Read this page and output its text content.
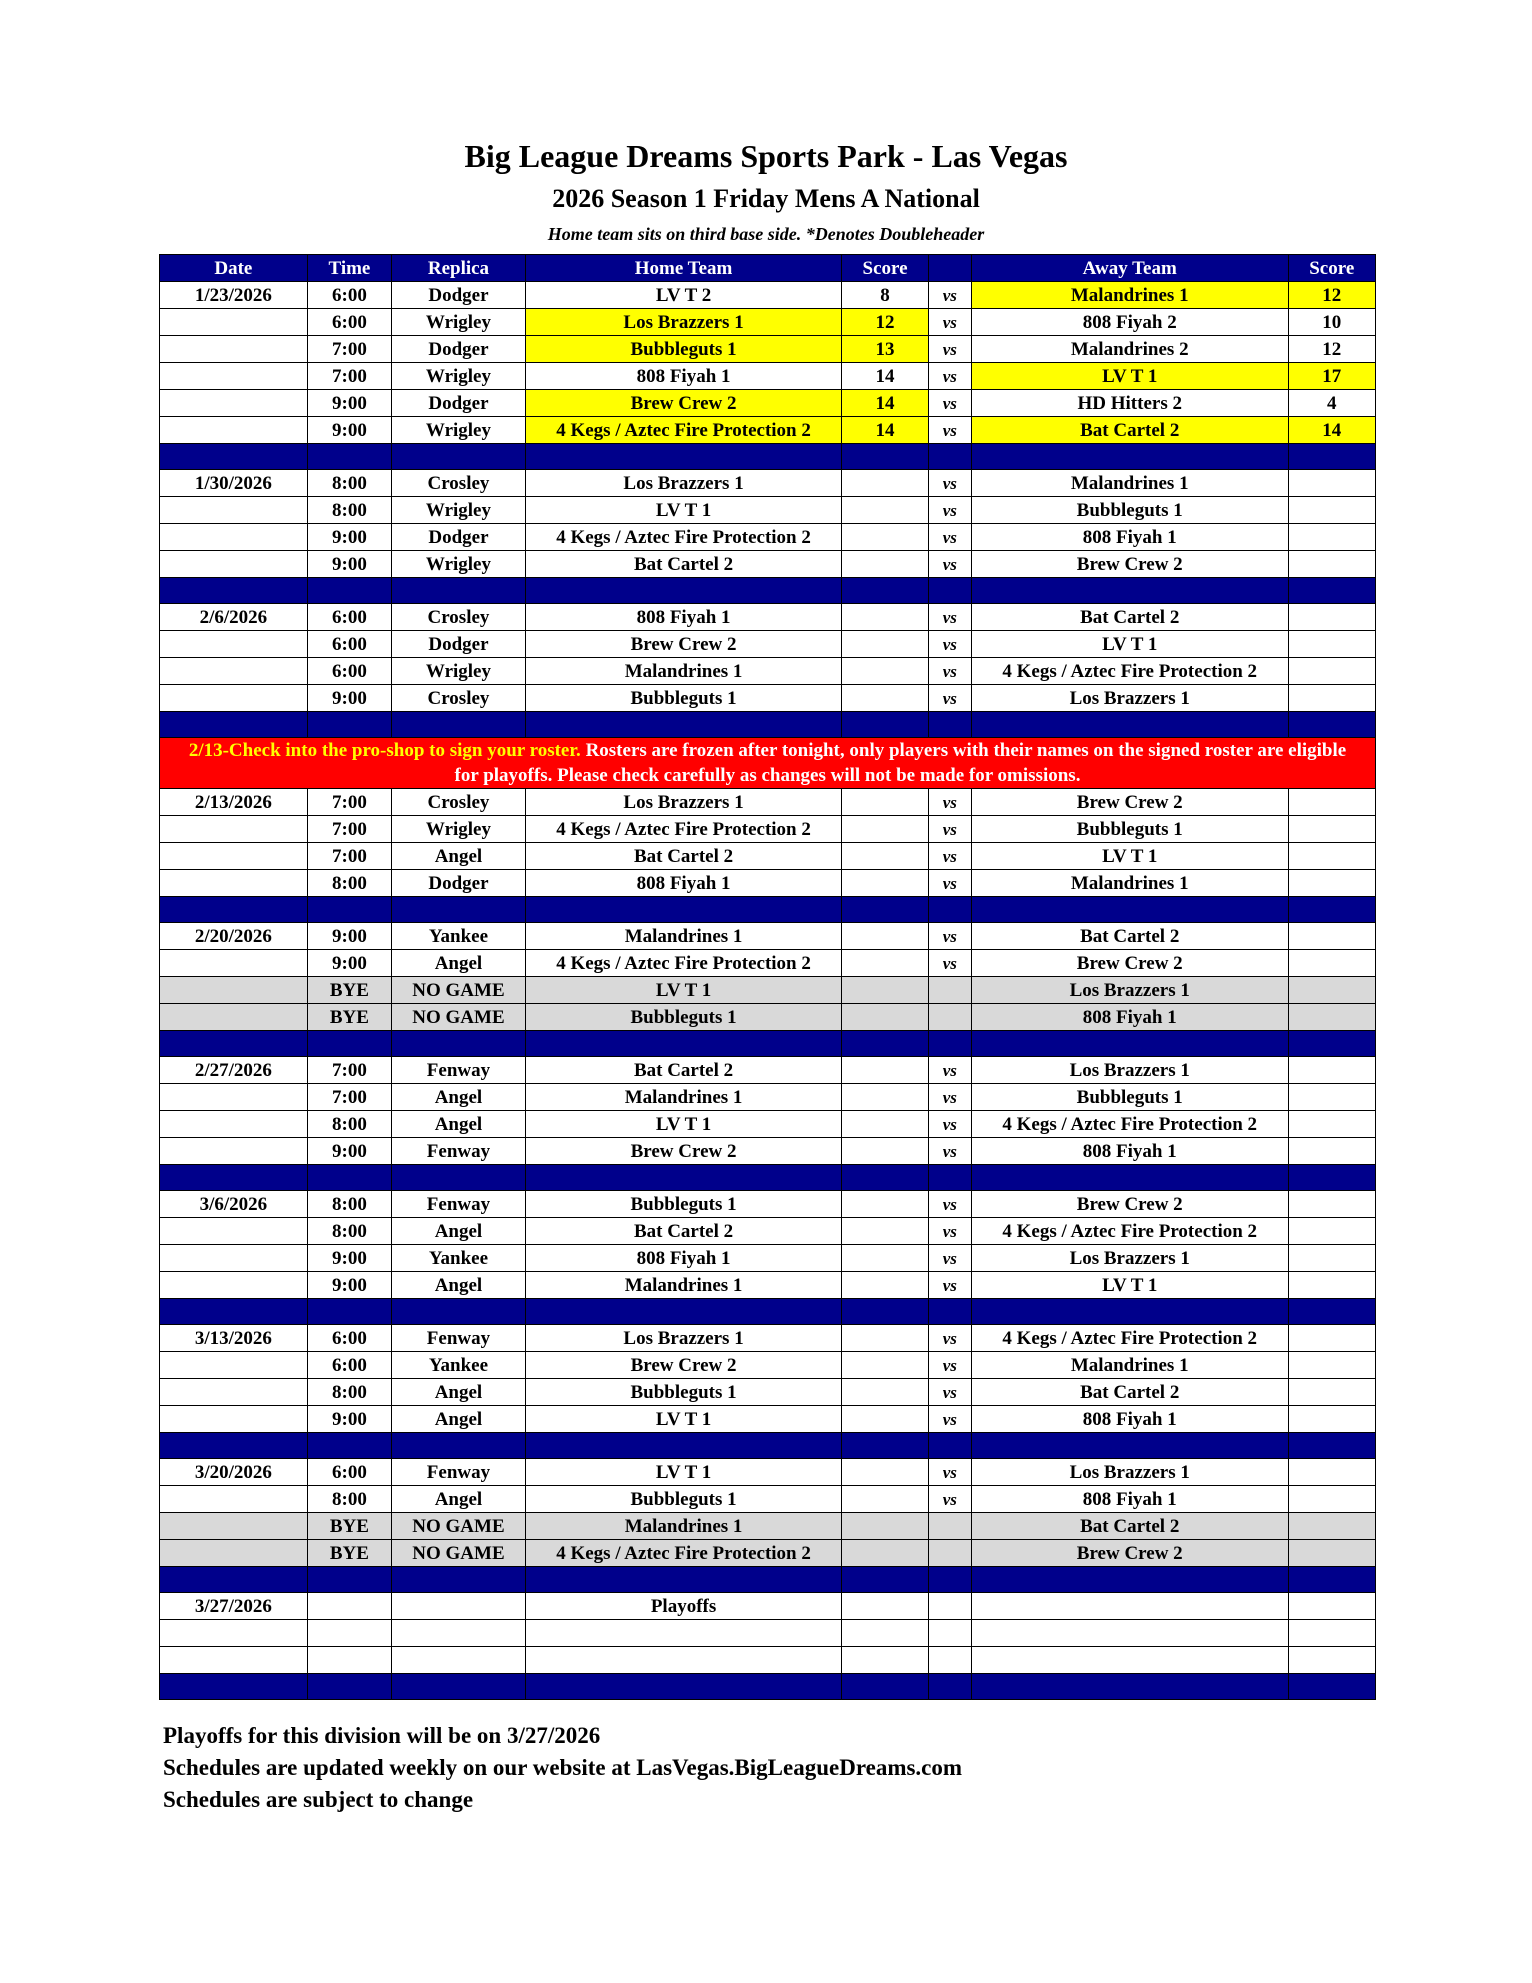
Big League Dreams Sports Park - Las Vegas
2026 Season 1 Friday Mens A National
Home team sits on third base side. *Denotes Doubleheader
Date	Time	Replica	Home Team	Score		Away Team	Score
1/23/2026	6:00	Dodger	LV T 2	8	vs	Malandrines 1	12
	6:00	Wrigley	Los Brazzers 1	12	vs	808 Fiyah 2	10
	7:00	Dodger	Bubbleguts 1	13	vs	Malandrines 2	12
	7:00	Wrigley	808 Fiyah 1	14	vs	LV T 1	17
	9:00	Dodger	Brew Crew 2	14	vs	HD Hitters 2	4
	9:00	Wrigley	4 Kegs / Aztec Fire Protection 2	14	vs	Bat Cartel 2	14

1/30/2026	8:00	Crosley	Los Brazzers 1		vs	Malandrines 1	
	8:00	Wrigley	LV T 1		vs	Bubbleguts 1	
	9:00	Dodger	4 Kegs / Aztec Fire Protection 2		vs	808 Fiyah 1	
	9:00	Wrigley	Bat Cartel 2		vs	Brew Crew 2	

2/6/2026	6:00	Crosley	808 Fiyah 1		vs	Bat Cartel 2	
	6:00	Dodger	Brew Crew 2		vs	LV T 1	
	6:00	Wrigley	Malandrines 1		vs	4 Kegs / Aztec Fire Protection 2	
	9:00	Crosley	Bubbleguts 1		vs	Los Brazzers 1	

2/13-Check into the pro-shop to sign your roster. Rosters are frozen after tonight, only players with their names on the signed roster are eligible for playoffs. Please check carefully as changes will not be made for omissions.							
2/13/2026	7:00	Crosley	Los Brazzers 1		vs	Brew Crew 2	
	7:00	Wrigley	4 Kegs / Aztec Fire Protection 2		vs	Bubbleguts 1	
	7:00	Angel	Bat Cartel 2		vs	LV T 1	
	8:00	Dodger	808 Fiyah 1		vs	Malandrines 1	

2/20/2026	9:00	Yankee	Malandrines 1		vs	Bat Cartel 2	
	9:00	Angel	4 Kegs / Aztec Fire Protection 2		vs	Brew Crew 2	
	BYE	NO GAME	LV T 1			Los Brazzers 1	
	BYE	NO GAME	Bubbleguts 1			808 Fiyah 1	

2/27/2026	7:00	Fenway	Bat Cartel 2		vs	Los Brazzers 1	
	7:00	Angel	Malandrines 1		vs	Bubbleguts 1	
	8:00	Angel	LV T 1		vs	4 Kegs / Aztec Fire Protection 2	
	9:00	Fenway	Brew Crew 2		vs	808 Fiyah 1	

3/6/2026	8:00	Fenway	Bubbleguts 1		vs	Brew Crew 2	
	8:00	Angel	Bat Cartel 2		vs	4 Kegs / Aztec Fire Protection 2	
	9:00	Yankee	808 Fiyah 1		vs	Los Brazzers 1	
	9:00	Angel	Malandrines 1		vs	LV T 1	

3/13/2026	6:00	Fenway	Los Brazzers 1		vs	4 Kegs / Aztec Fire Protection 2	
	6:00	Yankee	Brew Crew 2		vs	Malandrines 1	
	8:00	Angel	Bubbleguts 1		vs	Bat Cartel 2	
	9:00	Angel	LV T 1		vs	808 Fiyah 1	

3/20/2026	6:00	Fenway	LV T 1		vs	Los Brazzers 1	
	8:00	Angel	Bubbleguts 1		vs	808 Fiyah 1	
	BYE	NO GAME	Malandrines 1			Bat Cartel 2	
	BYE	NO GAME	4 Kegs / Aztec Fire Protection 2			Brew Crew 2	

3/27/2026			Playoffs				

Playoffs for this division will be on 3/27/2026
Schedules are updated weekly on our website at LasVegas.BigLeagueDreams.com
Schedules are subject to change
